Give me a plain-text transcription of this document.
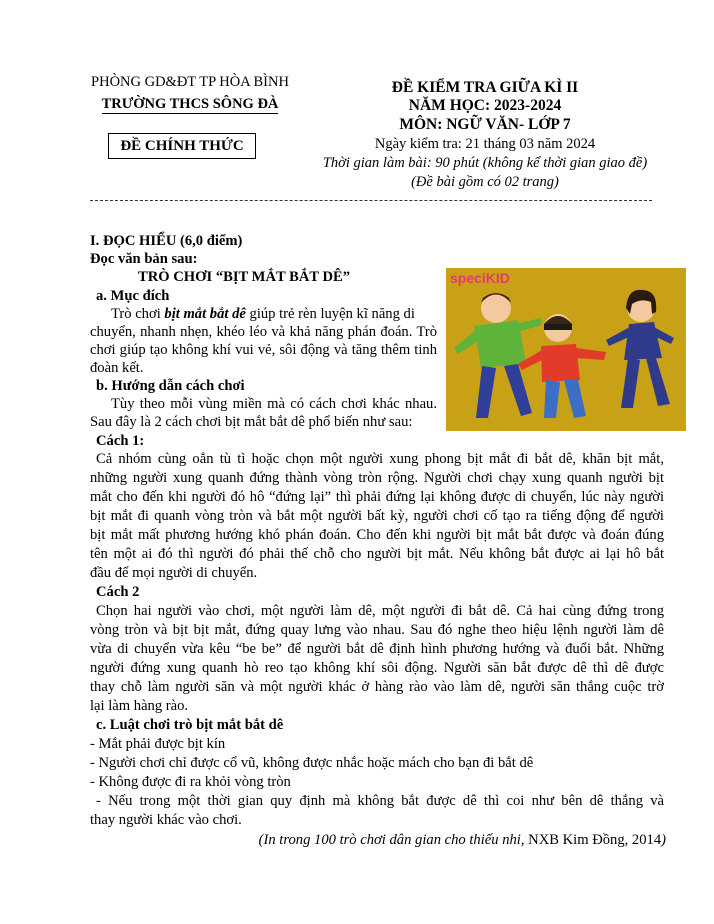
PHÒNG GD&ĐT TP HÒA BÌNH
TRƯỜNG THCS SÔNG ĐÀ
ĐỀ CHÍNH THỨC
ĐỀ KIỂM TRA GIỮA KÌ II
NĂM HỌC: 2023-2024
MÔN: NGỮ VĂN- LỚP 7
Ngày kiểm tra: 21 tháng 03 năm 2024
Thời gian làm bài: 90 phút (không kể thời gian giao đề)
(Đề bài gồm có 02 trang)
I. ĐỌC HIỂU (6,0 điểm)
Đọc văn bản sau:
TRÒ CHƠI “BỊT MẮT BẮT DÊ”	speciKID
a. Mục đích
Trò chơi bịt mắt bắt dê giúp trẻ rèn luyện kĩ năng di
chuyển, nhanh nhẹn, khéo léo và khả năng phán đoán. Trò
chơi giúp tạo không khí vui vẻ, sôi động và tăng thêm tinh
đoàn kết.
b. Hướng dẫn cách chơi
Tùy theo mỗi vùng miền mà có cách chơi khác nhau.
Sau đây là 2 cách chơi bịt mắt bắt dê phổ biến như sau:
Cách 1:
Cả nhóm cùng oẳn tù tì hoặc chọn một người xung phong bịt mắt đi bắt dê, khăn bịt mắt,
những người xung quanh đứng thành vòng tròn rộng. Người chơi chạy xung quanh người bịt
mắt cho đến khi người đó hô “đứng lại” thì phải đứng lại không được di chuyển, lúc này người
bịt mắt đi quanh vòng tròn và bắt một người bất kỳ, người chơi cố tạo ra tiếng động để người
bịt mắt mất phương hướng khó phán đoán. Cho đến khi người bịt mắt bắt được và đoán đúng
tên một ai đó thì người đó phải thế chỗ cho người bịt mắt. Nếu không bắt được ai lại hô bắt
đầu để mọi người di chuyển.
Cách 2
Chọn hai người vào chơi, một người làm dê, một người đi bắt dê. Cả hai cùng đứng trong
vòng tròn và bịt bịt mắt, đứng quay lưng vào nhau. Sau đó nghe theo hiệu lệnh người làm dê
vừa di chuyển vừa kêu “be be” để người bắt dê định hình phương hướng và đuổi bắt. Những
người đứng xung quanh hò reo tạo không khí sôi động. Người săn bắt được dê thì dê được
thay chỗ làm người săn và một người khác ở hàng rào vào làm dê, người săn thắng cuộc trờ
lại làm hàng rào.
c. Luật chơi trò bịt mắt bắt dê
- Mắt phải được bịt kín
- Người chơi chỉ được cổ vũ, không được nhắc hoặc mách cho bạn đi bắt dê
- Không được đi ra khỏi vòng tròn
- Nếu trong một thời gian quy định mà không bắt được dê thì coi như bên dê thắng và
thay người khác vào chơi.
(In trong 100 trò chơi dân gian cho thiếu nhi, NXB Kim Đồng, 2014)
